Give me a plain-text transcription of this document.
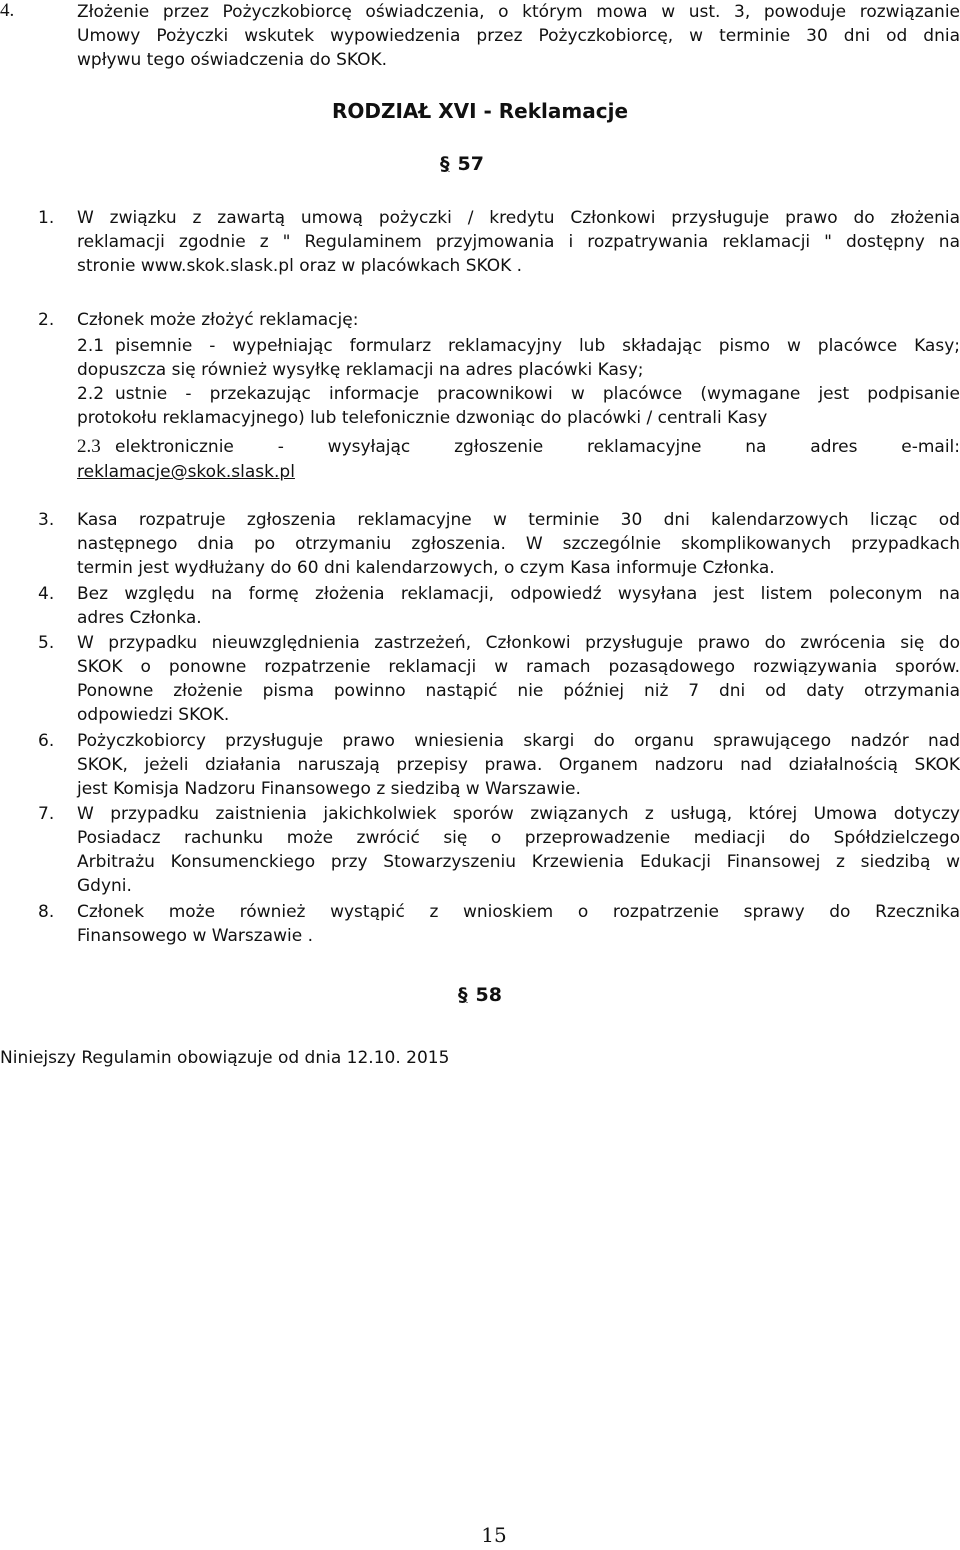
4.	Złożenie przez Pożyczkobiorcę oświadczenia, o którym mowa w ust. 3, powoduje rozwiązanie
Umowy Pożyczki wskutek wypowiedzenia przez Pożyczkobiorcę, w terminie 30 dni od dnia
wpływu tego oświadczenia do SKOK.
RODZIAŁ XVI - Reklamacje
§ 57
1. W związku z zawartą umową pożyczki / kredytu Członkowi przysługuje prawo do złożenia
reklamacji zgodnie z " Regulaminem przyjmowania i rozpatrywania reklamacji " dostępny na
stronie www.skok.slask.pl oraz w placówkach SKOK .
2. Członek może złożyć reklamację:
2.1 pisemnie - wypełniając formularz reklamacyjny lub składając pismo w placówce Kasy;
dopuszcza się również wysyłkę reklamacji na adres placówki Kasy;
2.2 ustnie - przekazując informacje pracownikowi w placówce (wymagane jest podpisanie
protokołu reklamacyjnego) lub telefonicznie dzwoniąc do placówki / centrali Kasy
2.3 elektronicznie - wysyłając zgłoszenie reklamacyjne na adres e-mail:
reklamacje@skok.slask.pl
3. Kasa rozpatruje zgłoszenia reklamacyjne w terminie 30 dni kalendarzowych licząc od
następnego dnia po otrzymaniu zgłoszenia. W szczególnie skomplikowanych przypadkach
termin jest wydłużany do 60 dni kalendarzowych, o czym Kasa informuje Członka.
4. Bez względu na formę złożenia reklamacji, odpowiedź wysyłana jest listem poleconym na
adres Członka.
5. W przypadku nieuwzględnienia zastrzeżeń, Członkowi przysługuje prawo do zwrócenia się do
SKOK o ponowne rozpatrzenie reklamacji w ramach pozasądowego rozwiązywania sporów.
Ponowne złożenie pisma powinno nastąpić nie później niż 7 dni od daty otrzymania
odpowiedzi SKOK.
6. Pożyczkobiorcy przysługuje prawo wniesienia skargi do organu sprawującego nadzór nad
SKOK, jeżeli działania naruszają przepisy prawa. Organem nadzoru nad działalnością SKOK
jest Komisja Nadzoru Finansowego z siedzibą w Warszawie.
7. W przypadku zaistnienia jakichkolwiek sporów związanych z usługą, której Umowa dotyczy
Posiadacz rachunku może zwrócić się o przeprowadzenie mediacji do Spółdzielczego
Arbitrażu Konsumenckiego przy Stowarzyszeniu Krzewienia Edukacji Finansowej z siedzibą w
Gdyni.
8. Członek może również wystąpić z wnioskiem o rozpatrzenie sprawy do Rzecznika
Finansowego w Warszawie .
§ 58
Niniejszy Regulamin obowiązuje od dnia 12.10. 2015
15
